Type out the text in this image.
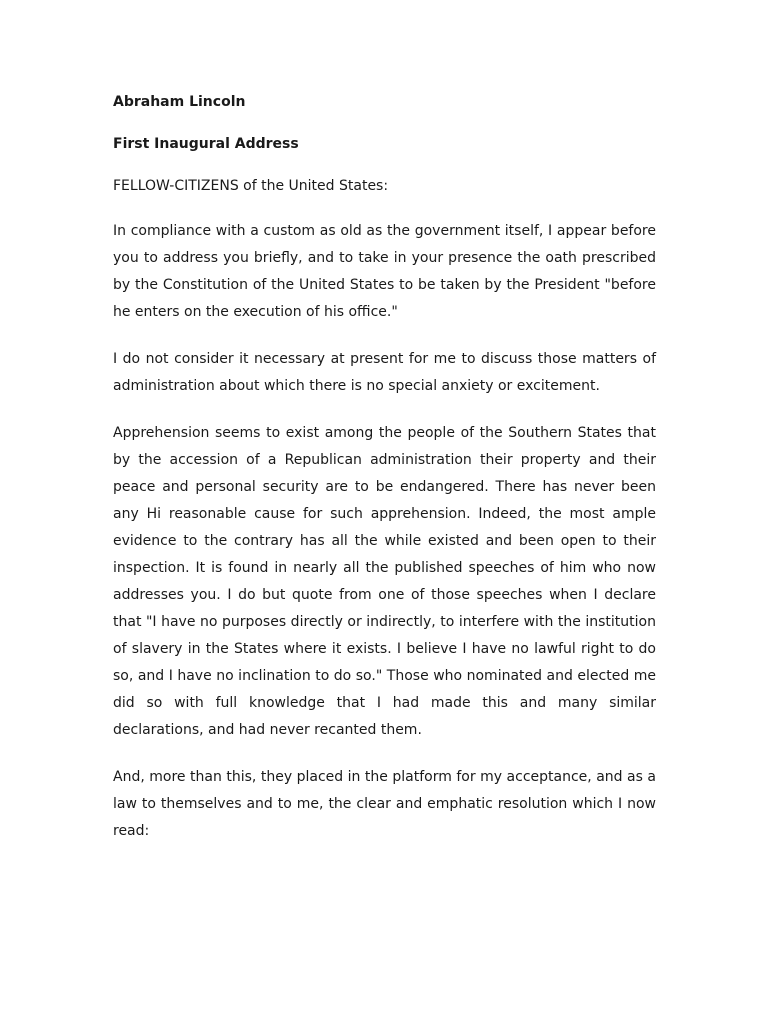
Abraham Lincoln
First Inaugural Address
FELLOW-CITIZENS of the United States:

In compliance with a custom as old as the government itself, I appear before you to address you briefly, and to take in your presence the oath prescribed by the Constitution of the United States to be taken by the President "before he enters on the execution of his office."

I do not consider it necessary at present for me to discuss those matters of administration about which there is no special anxiety or excitement.

Apprehension seems to exist among the people of the Southern States that by the accession of a Republican administration their property and their peace and personal security are to be endangered. There has never been any Hi reasonable cause for such apprehension. Indeed, the most ample evidence to the contrary has all the while existed and been open to their inspection. It is found in nearly all the published speeches of him who now addresses you. I do but quote from one of those speeches when I declare that "I have no purposes directly or indirectly, to interfere with the institution of slavery in the States where it exists. I believe I have no lawful right to do so, and I have no inclination to do so." Those who nominated and elected me did so with full knowledge that I had made this and many similar declarations, and had never recanted them.

And, more than this, they placed in the platform for my acceptance, and as a law to themselves and to me, the clear and emphatic resolution which I now read:
